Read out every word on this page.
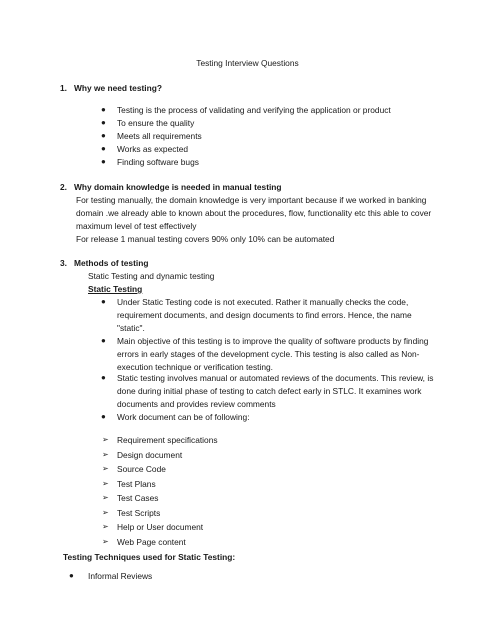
Testing Interview Questions
1. Why we need testing?
● Testing is the process of validating and verifying the application or product
● To ensure the quality
● Meets all requirements
● Works as expected
● Finding software bugs
2. Why domain knowledge is needed in manual testing
For testing manually, the domain knowledge is very important because if we worked in banking
domain .we already able to known about the procedures, flow, functionality etc this able to cover
maximum level of test effectively
For release 1 manual testing covers 90% only 10% can be automated
3. Methods of testing
Static Testing and dynamic testing
Static Testing
● Under Static Testing code is not executed. Rather it manually checks the code,
requirement documents, and design documents to find errors. Hence, the name
"static".
● Main objective of this testing is to improve the quality of software products by finding
errors in early stages of the development cycle. This testing is also called as Non-
execution technique or verification testing.
● Static testing involves manual or automated reviews of the documents. This review, is
done during initial phase of testing to catch defect early in STLC. It examines work
documents and provides review comments
● Work document can be of following:
➢ Requirement specifications
➢ Design document
➢ Source Code
➢ Test Plans
➢ Test Cases
➢ Test Scripts
➢ Help or User document
➢ Web Page content
Testing Techniques used for Static Testing:
● Informal Reviews
